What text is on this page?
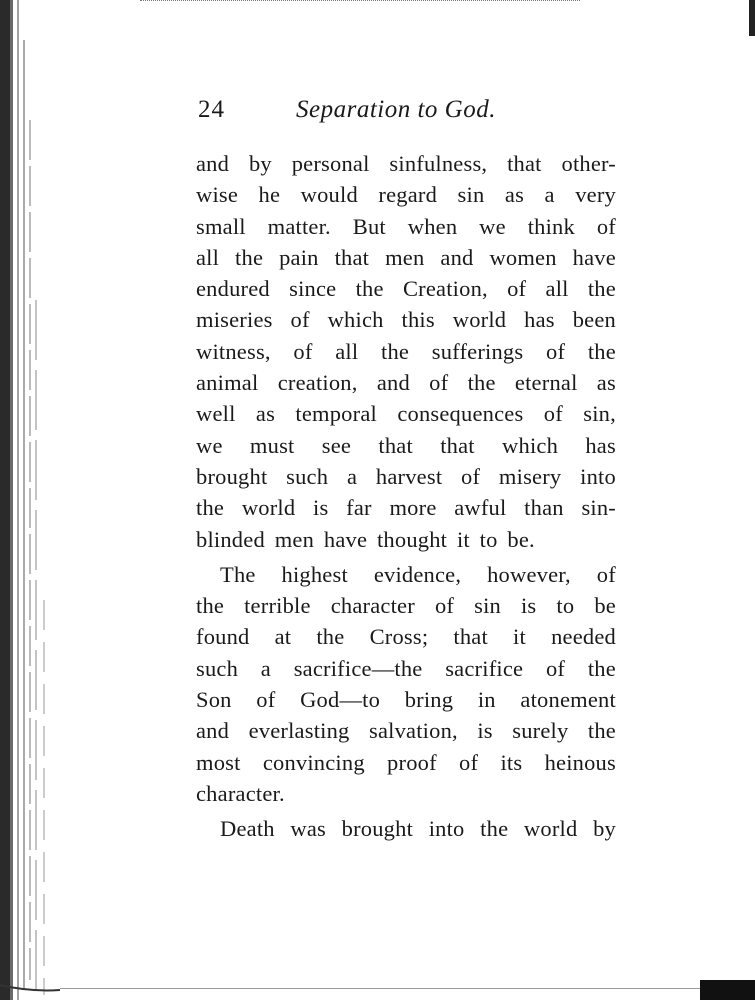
24	Separation to God.
and by personal sinfulness, that other-
wise he would regard sin as a very
small matter. But when we think of
all the pain that men and women have
endured since the Creation, of all the
miseries of which this world has been
witness, of all the sufferings of the
animal creation, and of the eternal as
well as temporal consequences of sin,
we must see that that which has
brought such a harvest of misery into
the world is far more awful than sin-
blinded men have thought it to be.
The highest evidence, however, of
the terrible character of sin is to be
found at the Cross; that it needed
such a sacrifice—the sacrifice of the
Son of God—to bring in atonement
and everlasting salvation, is surely the
most convincing proof of its heinous
character.
Death was brought into the world by
